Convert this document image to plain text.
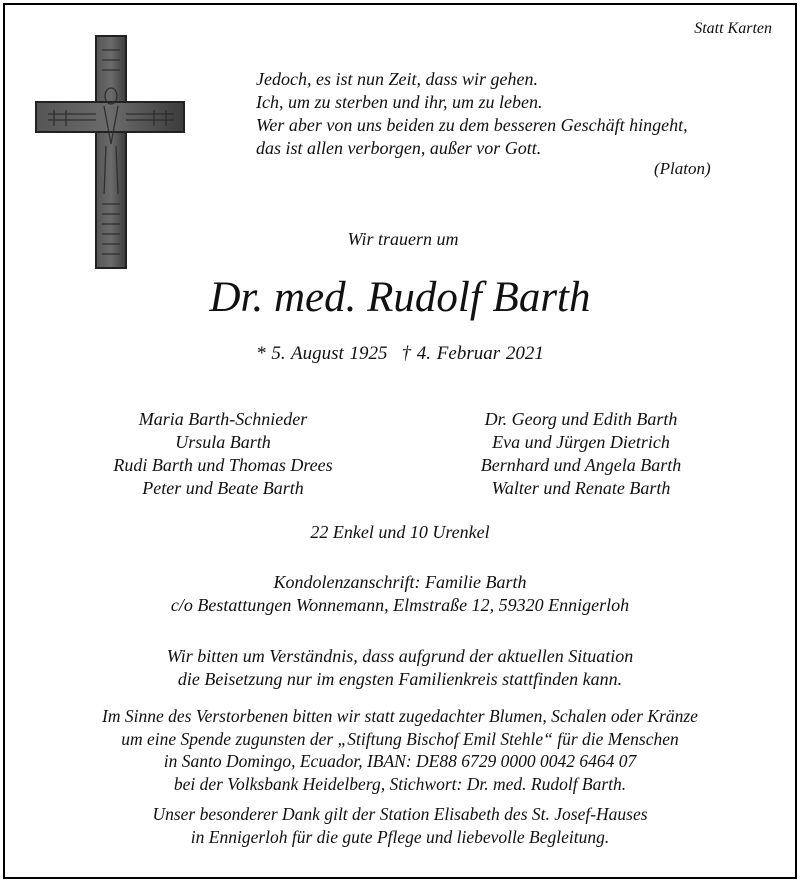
Statt Karten
Jedoch, es ist nun Zeit, dass wir gehen.
Ich, um zu sterben und ihr, um zu leben.
Wer aber von uns beiden zu dem besseren Geschäft hingeht,
das ist allen verborgen, außer vor Gott.
(Platon)
Wir trauern um
Dr. med. Rudolf Barth
* 5. August 1925 † 4. Februar 2021
Maria Barth-Schnieder
Ursula Barth
Rudi Barth und Thomas Drees
Peter und Beate Barth
Dr. Georg und Edith Barth
Eva und Jürgen Dietrich
Bernhard und Angela Barth
Walter und Renate Barth
22 Enkel und 10 Urenkel
Kondolenzanschrift: Familie Barth
c/o Bestattungen Wonnemann, Elmstraße 12, 59320 Ennigerloh
Wir bitten um Verständnis, dass aufgrund der aktuellen Situation
die Beisetzung nur im engsten Familienkreis stattfinden kann.
Im Sinne des Verstorbenen bitten wir statt zugedachter Blumen, Schalen oder Kränze
um eine Spende zugunsten der „Stiftung Bischof Emil Stehle“ für die Menschen
in Santo Domingo, Ecuador, IBAN: DE88 6729 0000 0042 6464 07
bei der Volksbank Heidelberg, Stichwort: Dr. med. Rudolf Barth.
Unser besonderer Dank gilt der Station Elisabeth des St. Josef-Hauses
in Ennigerloh für die gute Pflege und liebevolle Begleitung.
